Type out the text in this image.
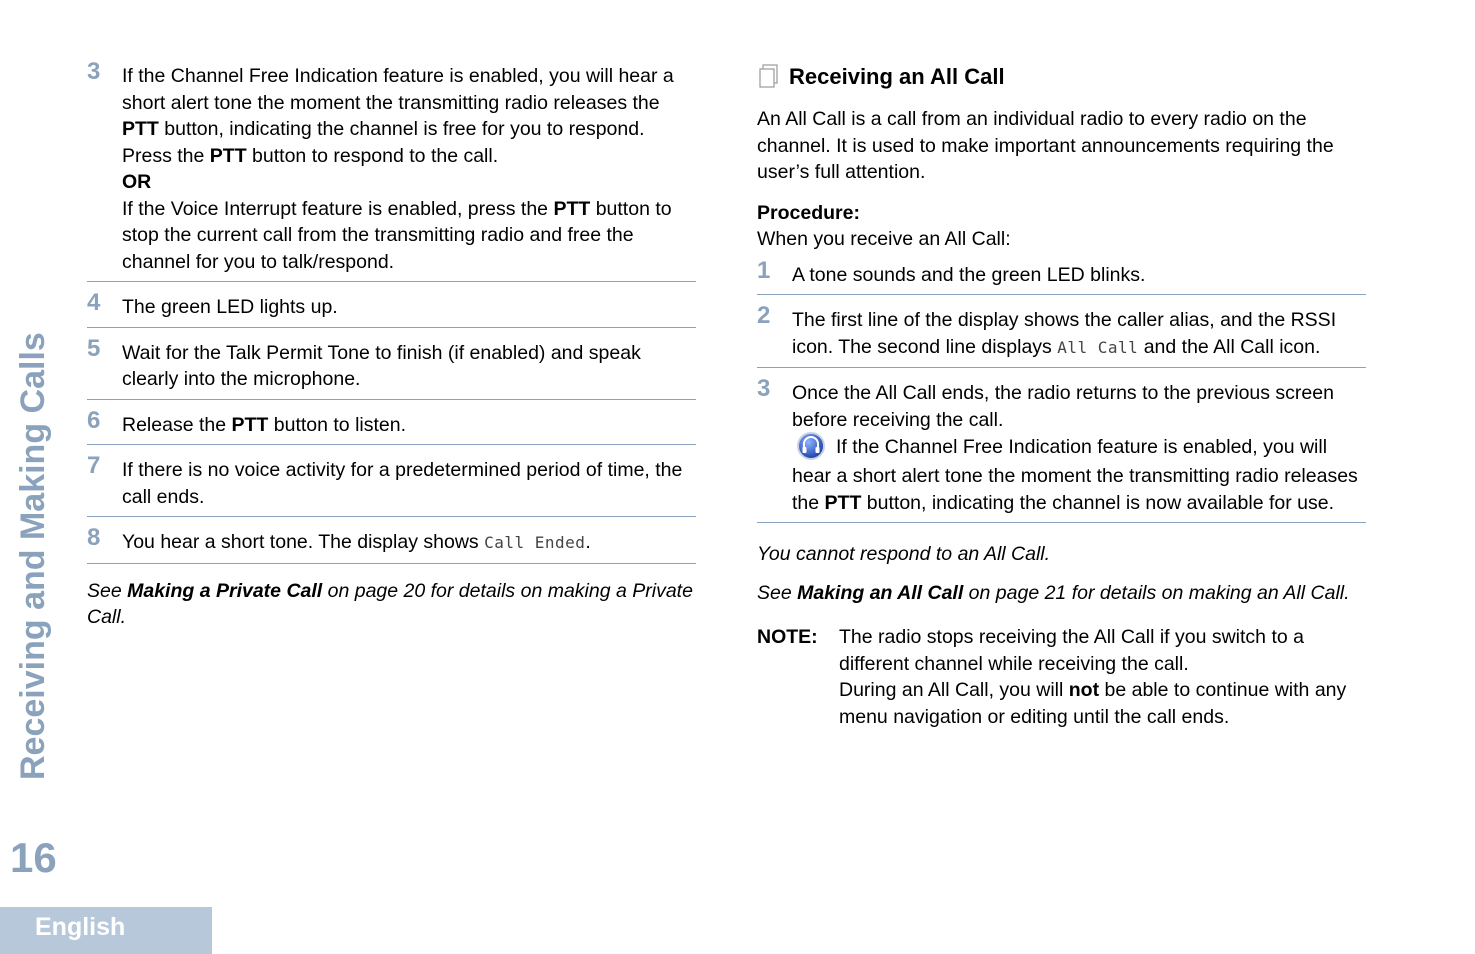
Receiving and Making Calls
16
English
3	If the Channel Free Indication feature is enabled, you will hear a short alert tone the moment the transmitting radio releases the PTT button, indicating the channel is free for you to respond.

Press the PTT button to respond to the call.

OR

If the Voice Interrupt feature is enabled, press the PTT button to stop the current call from the transmitting radio and free the channel for you to talk/respond.

4	The green LED lights up.
5	Wait for the Talk Permit Tone to finish (if enabled) and speak clearly into the microphone.
6	Release the PTT button to listen.
7	If there is no voice activity for a predetermined period of time, the call ends.
8	You hear a short tone. The display shows Call Ended.
See Making a Private Call on page 20 for details on making a Private Call.
Receiving an All Call

An All Call is a call from an individual radio to every radio on the channel. It is used to make important announcements requiring the user’s full attention.

Procedure:

When you receive an All Call:

1	A tone sounds and the green LED blinks.
2	The first line of the display shows the caller alias, and the RSSI icon. The second line displays All Call and the All Call icon.
3	Once the All Call ends, the radio returns to the previous screen before receiving the call.

If the Channel Free Indication feature is enabled, you will hear a short alert tone the moment the transmitting radio releases the PTT button, indicating the channel is now available for use.

You cannot respond to an All Call.

See Making an All Call on page 21 for details on making an All Call.
NOTE:	The radio stops receiving the All Call if you switch to a different channel while receiving the call.

During an All Call, you will not be able to continue with any menu navigation or editing until the call ends.
